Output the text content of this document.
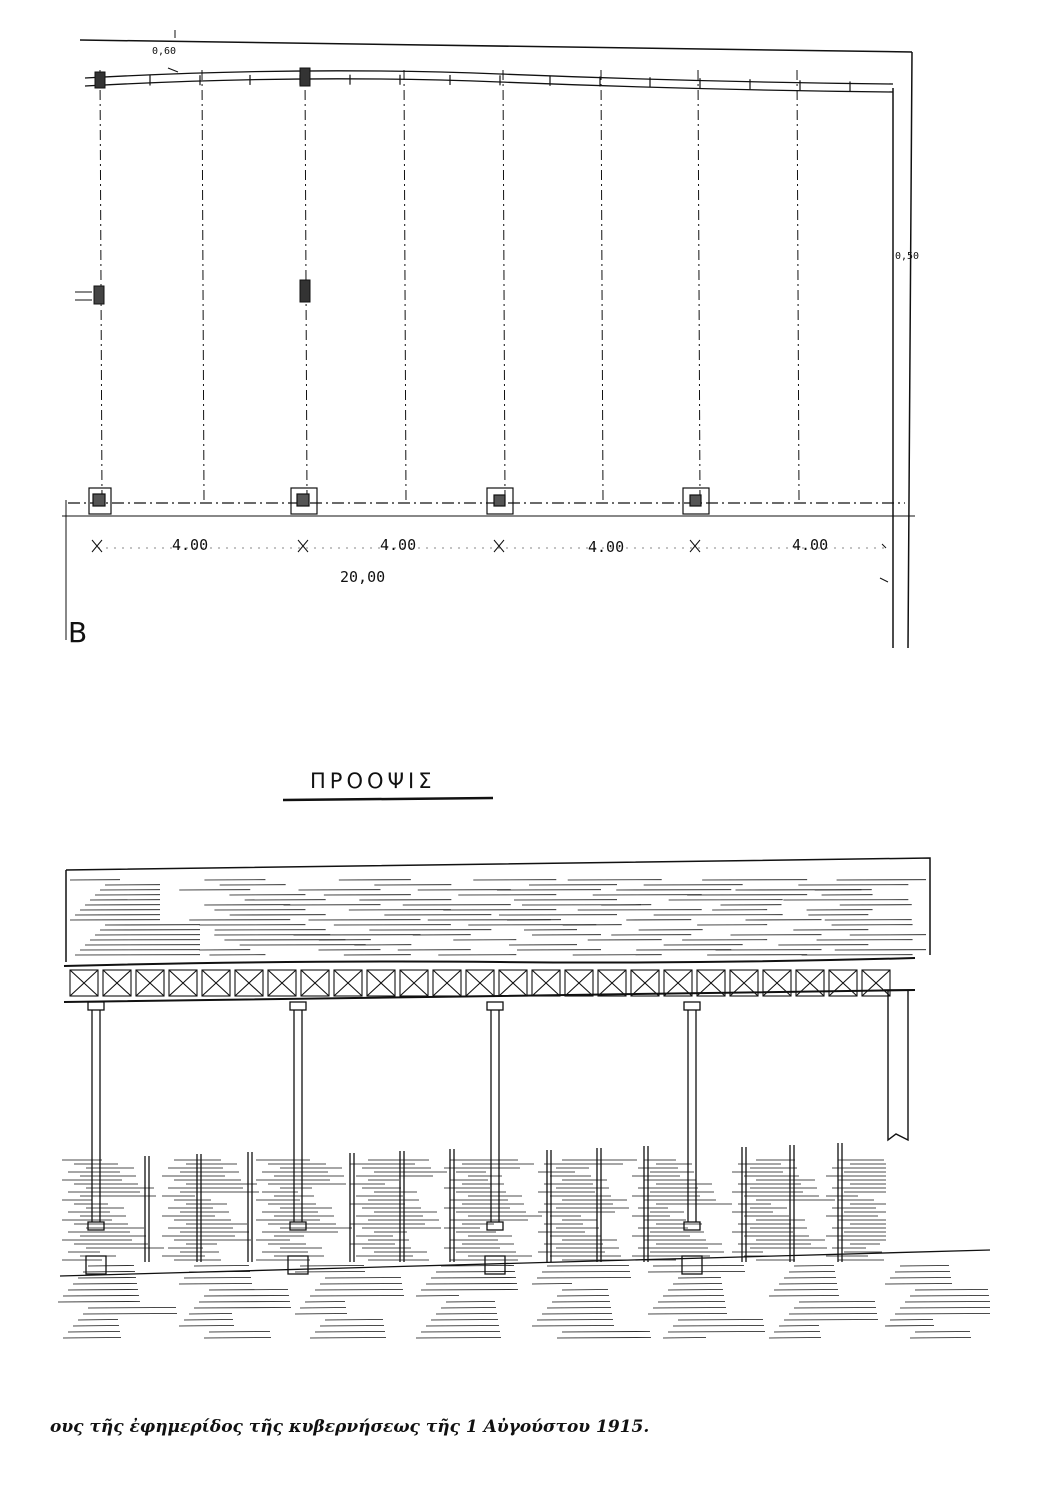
0,60
0,50
4.00	4.00	4.00	4.00
20,00
B
ΠΡΟΟΨΙΣ
ους τῆς ἐφημερίδος τῆς κυβερνήσεως τῆς 1 Αὐγούστου 1915.
